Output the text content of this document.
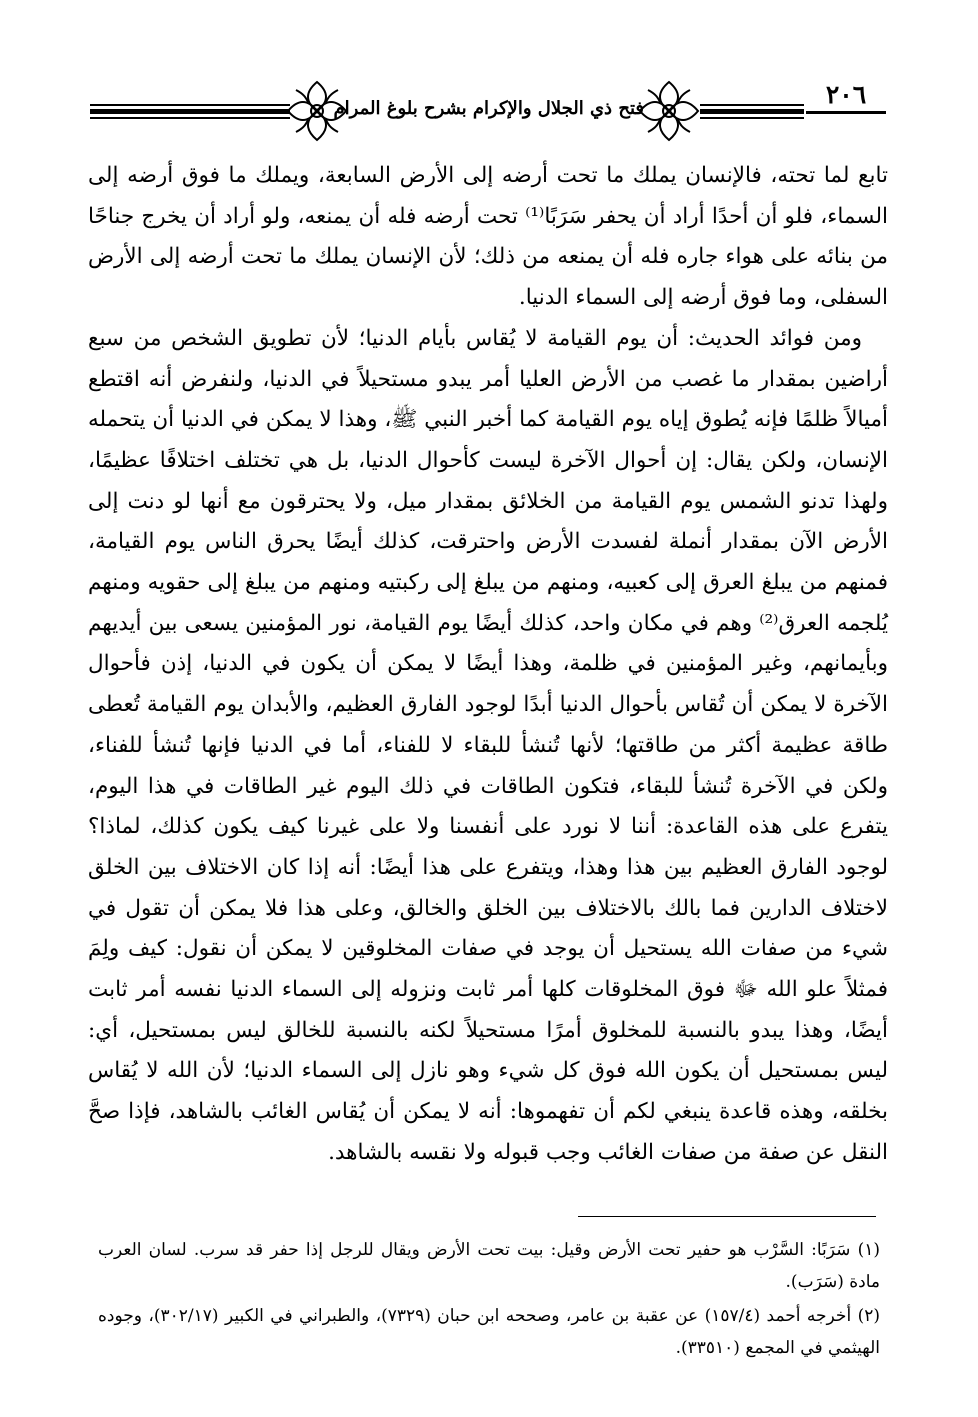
فتح ذي الجلال والإكرام بشرح بلوغ المرام	٢٠٦

تابع لما تحته، فالإنسان يملك ما تحت أرضه إلى الأرض السابعة، ويملك ما فوق أرضه إلى السماء، فلو أن أحدًا أراد أن يحفر سَرَبًا⁽¹⁾ تحت أرضه فله أن يمنعه، ولو أراد أن يخرج جناحًا من بنائه على هواء جاره فله أن يمنعه من ذلك؛ لأن الإنسان يملك ما تحت أرضه إلى الأرض السفلى، وما فوق أرضه إلى السماء الدنيا.

ومن فوائد الحديث: أن يوم القيامة لا يُقاس بأيام الدنيا؛ لأن تطويق الشخص من سبع أراضين بمقدار ما غصب من الأرض العليا أمر يبدو مستحيلاً في الدنيا، ولنفرض أنه اقتطع أميالاً ظلمًا فإنه يُطوق إياه يوم القيامة كما أخبر النبي ﷺ، وهذا لا يمكن في الدنيا أن يتحمله الإنسان، ولكن يقال: إن أحوال الآخرة ليست كأحوال الدنيا، بل هي تختلف اختلافًا عظيمًا، ولهذا تدنو الشمس يوم القيامة من الخلائق بمقدار ميل، ولا يحترقون مع أنها لو دنت إلى الأرض الآن بمقدار أنملة لفسدت الأرض واحترقت، كذلك أيضًا يحرق الناس يوم القيامة، فمنهم من يبلغ العرق إلى كعبيه، ومنهم من يبلغ إلى ركبتيه ومنهم من يبلغ إلى حقويه ومنهم يُلجمه العرق⁽²⁾ وهم في مكان واحد، كذلك أيضًا يوم القيامة، نور المؤمنين يسعى بين أيديهم وبأيمانهم، وغير المؤمنين في ظلمة، وهذا أيضًا لا يمكن أن يكون في الدنيا، إذن فأحوال الآخرة لا يمكن أن تُقاس بأحوال الدنيا أبدًا لوجود الفارق العظيم، والأبدان يوم القيامة تُعطى طاقة عظيمة أكثر من طاقتها؛ لأنها تُنشأ للبقاء لا للفناء، أما في الدنيا فإنها تُنشأ للفناء، ولكن في الآخرة تُنشأ للبقاء، فتكون الطاقات في ذلك اليوم غير الطاقات في هذا اليوم، يتفرع على هذه القاعدة: أننا لا نورد على أنفسنا ولا على غيرنا كيف يكون كذلك، لماذا؟ لوجود الفارق العظيم بين هذا وهذا، ويتفرع على هذا أيضًا: أنه إذا كان الاختلاف بين الخلق لاختلاف الدارين فما بالك بالاختلاف بين الخلق والخالق، وعلى هذا فلا يمكن أن تقول في شيء من صفات الله يستحيل أن يوجد في صفات المخلوقين لا يمكن أن نقول: كيف ولِمَ فمثلاً علو الله ﷻ فوق المخلوقات كلها أمر ثابت ونزوله إلى السماء الدنيا نفسه أمر ثابت أيضًا، وهذا يبدو بالنسبة للمخلوق أمرًا مستحيلاً لكنه بالنسبة للخالق ليس بمستحيل، أي: ليس بمستحيل أن يكون الله فوق كل شيء وهو نازل إلى السماء الدنيا؛ لأن الله لا يُقاس بخلقه، وهذه قاعدة ينبغي لكم أن تفهموها: أنه لا يمكن أن يُقاس الغائب بالشاهد، فإذا صحَّ النقل عن صفة من صفات الغائب وجب قبوله ولا نقسه بالشاهد.

(١) سَرَبًا: السَّرْب هو حفير تحت الأرض وقيل: بيت تحت الأرض ويقال للرجل إذا حفر قد سرب. لسان العرب مادة (سَرَب).

(٢) أخرجه أحمد (١٥٧/٤) عن عقبة بن عامر، وصححه ابن حبان (٧٣٢٩)، والطبراني في الكبير (٣٠٢/١٧)، وجوده الهيثمي في المجمع (٣٣٥١٠).
